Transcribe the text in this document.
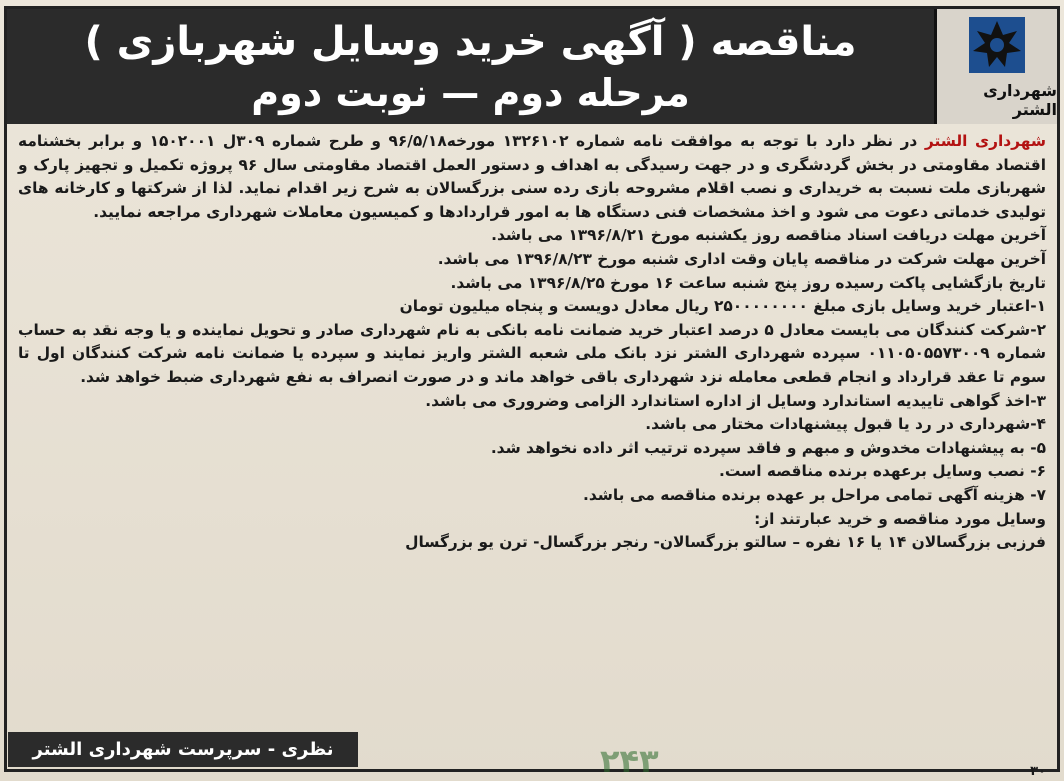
شهرداری الشتر
مناقصه ( آگهی خرید وسایل شهربازی )
مرحله دوم — نوبت دوم

شهرداری الشتر در نظر دارد با توجه به موافقت نامه شماره ۱۳۲۶۱۰۲ مورخه۹۶/۵/۱۸ و طرح شماره ۳۰۹ل ۱۵۰۲۰۰۱ و برابر بخشنامه اقتصاد مقاومتی در بخش گردشگری و در جهت رسیدگی به اهداف و دستور العمل اقتصاد مقاومتی سال ۹۶ پروژه تکمیل و تجهیز پارک و شهربازی ملت نسبت به خریداری و نصب اقلام مشروحه بازی رده سنی بزرگسالان به شرح زیر اقدام نماید. لذا از شرکتها و کارخانه های تولیدی خدماتی دعوت می شود و اخذ مشخصات فنی دستگاه ها به امور قراردادها و کمیسیون معاملات شهرداری مراجعه نمایید.

آخرین مهلت دریافت اسناد مناقصه روز یکشنبه مورخ ۱۳۹۶/۸/۲۱ می باشد.

آخرین مهلت شرکت در مناقصه پایان وقت اداری شنبه مورخ ۱۳۹۶/۸/۲۳ می باشد.

تاریخ بازگشایی پاکت رسیده روز پنج شنبه ساعت ۱۶ مورخ ۱۳۹۶/۸/۲۵ می باشد.

۱-اعتبار خرید وسایل بازی مبلغ ۲۵۰۰۰۰۰۰۰۰ ریال معادل دویست و پنجاه میلیون تومان

۲-شرکت کنندگان می بایست معادل ۵ درصد اعتبار خرید ضمانت نامه بانکی به نام شهرداری صادر و تحویل نماینده و یا وجه نقد به حساب شماره ۰۱۱۰۵۰۵۵۷۳۰۰۹ سپرده شهرداری الشتر نزد بانک ملی شعبه الشتر واریز نمایند و سپرده یا ضمانت نامه شرکت کنندگان اول تا سوم تا عقد قرارداد و انجام قطعی معامله نزد شهرداری باقی خواهد ماند و در صورت انصراف به نفع شهرداری ضبط خواهد شد.

۳-اخذ گواهی تاییدیه استاندارد وسایل از اداره استاندارد الزامی وضروری می باشد.

۴-شهرداری در رد یا قبول پیشنهادات مختار می باشد.

۵- به پیشنهادات مخدوش و مبهم و فاقد سپرده ترتیب اثر داده نخواهد شد.

۶- نصب وسایل برعهده برنده مناقصه است.

۷- هزینه آگهی تمامی مراحل بر عهده برنده مناقصه می باشد.

وسایل مورد مناقصه و خرید عبارتند از:

فرزبی بزرگسالان ۱۴ یا ۱۶ نفره – سالتو بزرگسالان- رنجر بزرگسال- ترن یو بزرگسال

نظری - سرپرست شهرداری الشتر	۲۴۳	۳۰
